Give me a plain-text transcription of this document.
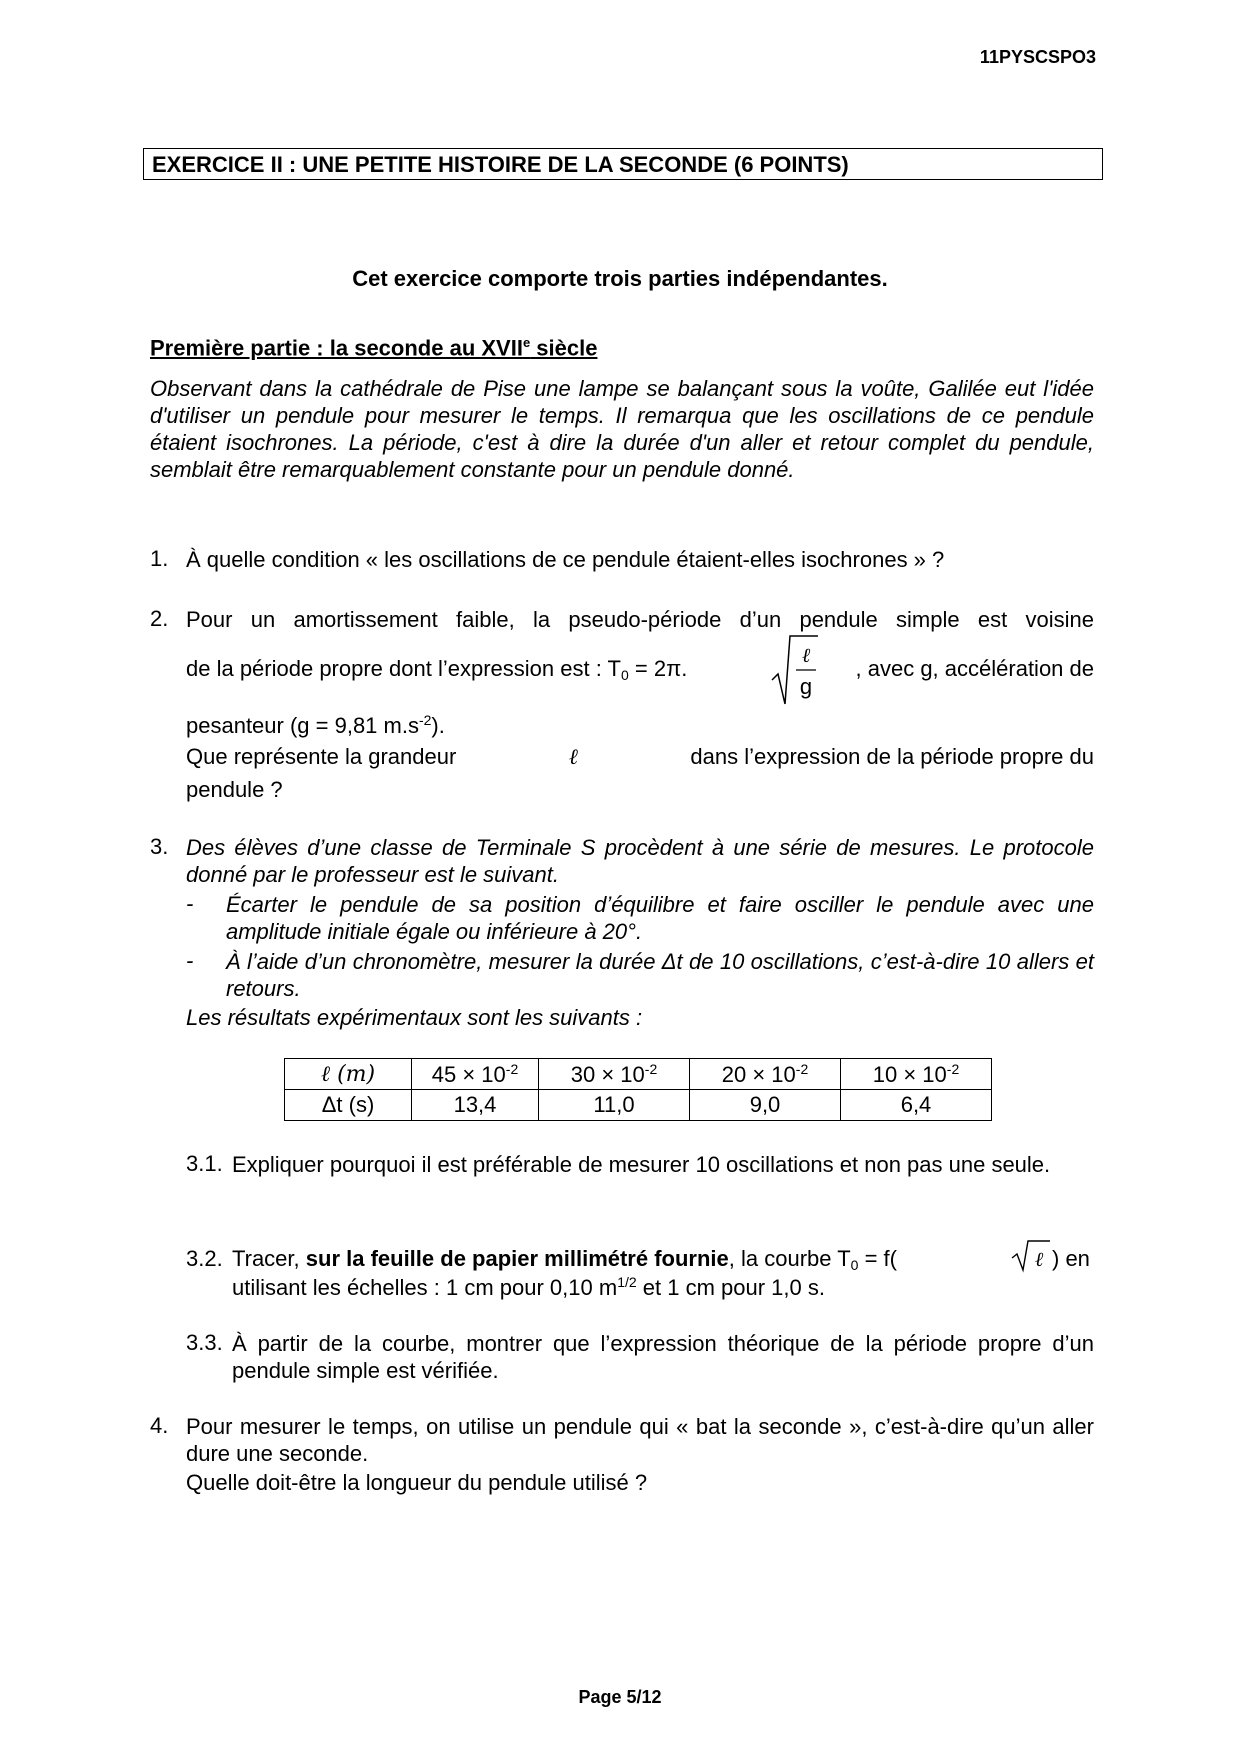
11PYSCSPO3
EXERCICE II : UNE PETITE HISTOIRE DE LA SECONDE (6 POINTS)
Cet exercice comporte trois parties indépendantes.
Première partie : la seconde au XVIIe siècle
Observant dans la cathédrale de Pise une lampe se balançant sous la voûte, Galilée eut l'idée d'utiliser un pendule pour mesurer le temps. Il remarqua que les oscillations de ce pendule étaient isochrones. La période, c'est à dire la durée d'un aller et retour complet du pendule, semblait être remarquablement constante pour un pendule donné.
1. À quelle condition « les oscillations de ce pendule étaient-elles isochrones » ?
2. Pour un amortissement faible, la pseudo-période d’un pendule simple est voisine
de la période propre dont l’expression est : $T_0 = 2\pi$.
ℓ
g
, avec g, accélération de
pesanteur (g = 9,81 $m.s^{-2}$).
Que représente la grandeur	ℓ	dans l’expression de la période propre du
pendule ?
3. Des élèves d’une classe de Terminale S procèdent à une série de mesures. Le protocole donné par le professeur est le suivant.
- Écarter le pendule de sa position d’équilibre et faire osciller le pendule avec une amplitude initiale égale ou inférieure à 20°.
- À l’aide d’un chronomètre, mesurer la durée Δt de 10 oscillations, c’est-à-dire 10 allers et retours.
Les résultats expérimentaux sont les suivants :
ℓ (m)	$45 \times 10^{-2}$	$30 \times 10^{-2}$	$20 \times 10^{-2}$	$10 \times 10^{-2}$
Δt (s)	13,4	11,0	9,0	6,4
3.1. Expliquer pourquoi il est préférable de mesurer 10 oscillations et non pas une seule.
3.2. Tracer, sur la feuille de papier millimétré fournie, la courbe $T_0 = f$(	ℓ ) en
utilisant les échelles : 1 cm pour 0,10 $m^{1/2}$ et 1 cm pour 1,0 s.
3.3. À partir de la courbe, montrer que l’expression théorique de la période propre d’un pendule simple est vérifiée.
4. Pour mesurer le temps, on utilise un pendule qui « bat la seconde », c’est-à-dire qu’un aller dure une seconde.
Quelle doit-être la longueur du pendule utilisé ?
Page 5/12
